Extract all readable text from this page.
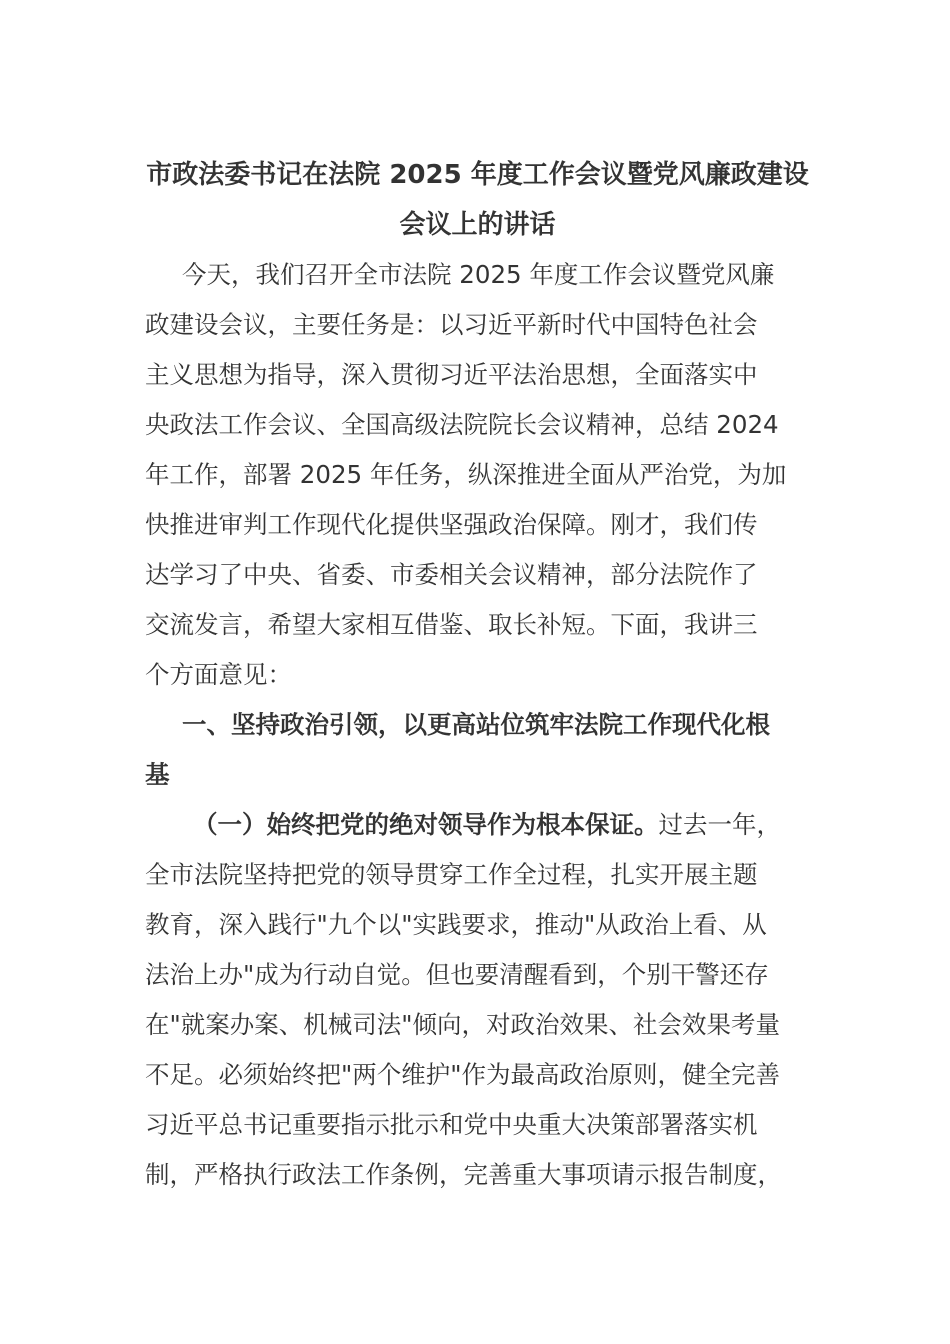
市政法委书记在法院 2025 年度工作会议暨党风廉政建设
会议上的讲话

今天，我们召开全市法院 2025 年度工作会议暨党风廉
政建设会议，主要任务是：以习近平新时代中国特色社会
主义思想为指导，深入贯彻习近平法治思想，全面落实中
央政法工作会议、全国高级法院院长会议精神，总结 2024
年工作，部署 2025 年任务，纵深推进全面从严治党，为加
快推进审判工作现代化提供坚强政治保障。刚才，我们传
达学习了中央、省委、市委相关会议精神，部分法院作了
交流发言，希望大家相互借鉴、取长补短。下面，我讲三
个方面意见：

一、坚持政治引领，以更高站位筑牢法院工作现代化根
基

（一）始终把党的绝对领导作为根本保证。过去一年，
全市法院坚持把党的领导贯穿工作全过程，扎实开展主题
教育，深入践行"九个以"实践要求，推动"从政治上看、从
法治上办"成为行动自觉。但也要清醒看到，个别干警还存
在"就案办案、机械司法"倾向，对政治效果、社会效果考量
不足。必须始终把"两个维护"作为最高政治原则，健全完善
习近平总书记重要指示批示和党中央重大决策部署落实机
制，严格执行政法工作条例，完善重大事项请示报告制度，
